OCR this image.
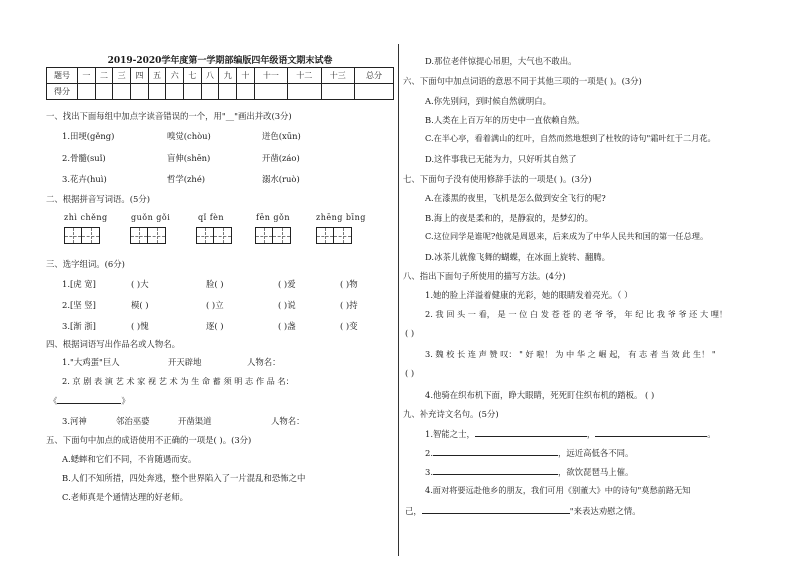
2019-2020学年度第一学期部编版四年级语文期末试卷
题号	一	二	三	四	五	六	七	八	九	十	十一	十二	十三	总分
得分														
一、找出下面每组中加点字读音错误的一个，用"__"画出并改(3分)
1.田埂(gěng)	嗅觉(chòu)	迸色(xūn)
2.骨髓(suǐ)	盲伸(shēn)	开凿(záo)
3.花卉(huì)	哲学(zhé)	溺水(ruò)
二、根据拼音写词语。(5分)
zhì chěng	guǒn gǒi	qǐ fèn	fēn gǒn	zhēng bīng
三、选字组词。(6分)
1.[虎 宽]	( )大	脸( )	( )爱	( )物
2.[坚 竖]	模( )	( )立	( )说	( )持
3.[渐 浙]	( )愧	逐( )	( )盏	( )变
四、根据词语写出作品名或人物名。
1."大鸡蛋"巨人	开天辟地	人物名：
2. 京 剧 表 演 艺 术 家 视 艺 术 为 生 命 蓄 须 明 志 作 品 名：
《	》
3.河神	邻治巫婆	开凿渠道	人物名：
五、下面句中加点的成语使用不正确的一项是( )。(3分)
A.蟋蟀和它们不同，不肯随遇而安。
B.人们不知所措，四处奔逃，整个世界陷入了一片混乱和恐怖之中
C.老师真是个通情达理的好老师。
D.那位老伴惊提心吊胆，大气也不敢出。
六、下面句中加点词语的意思不同于其他三项的一项是( )。(3分)
A.你先别问，到时候自然就明白。
B.人类在上百万年的历史中一直依赖自然。
C.在半心亭，看着满山的红叶，自然而然地想到了杜牧的诗句"霜叶红于二月花。
D.这件事我已无能为力，只好听其自然了
七、下面句子没有使用修辞手法的一项是( )。(3分)
A.在漆黑的夜里，飞机是怎么做到安全飞行的呢?
B.海上的夜是柔和的，是静寂的，是梦幻的。
C.这位同学是谁呢?他就是周恩来，后来成为了中华人民共和国的第一任总理。
D.冰茶儿就像飞舞的蝴蝶，在冰面上旋转、翻腾。
八、指出下面句子所使用的描写方法。(4分)
1.她的脸上洋溢着健康的光彩，她的眼睛发着亮光。（ ）
2. 我 回 头 一 看， 是 一 位 白 发 苍 苍 的 老 爷 爷， 年 纪 比 我 爷 爷 还 大 哩！
( )
3. 魏 校 长 连 声 赞 叹： " 好 啦！ 为 中 华 之 崛 起， 有 志 者 当 效 此 生！ "
( )
4.他骑在织布机下面，睁大眼睛，死死盯住织布机的踏板。 ( )
九、补充诗文名句。(5分)
1.智能之士，	，	。
2.	，远近高低各不同。
3.	，欲饮琵琶马上催。
4.面对将要远赴他乡的朋友，我们可用《别董大》中的诗句"莫愁前路无知
己，	"来表达劝慰之情。
